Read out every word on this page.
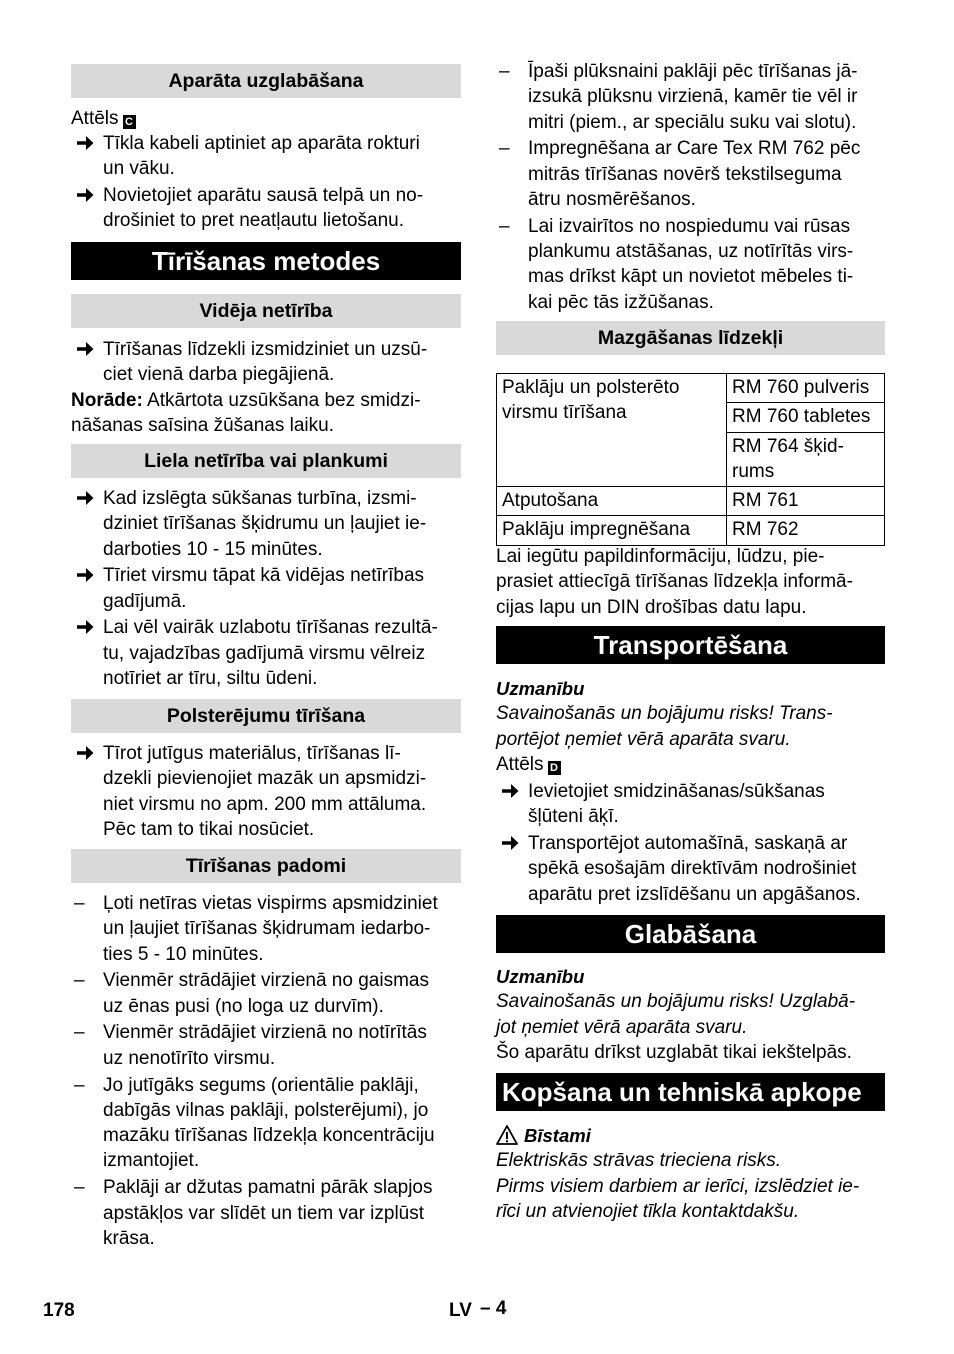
Aparāta uzglabāšana
Attēls C
Tīkla kabeli aptiniet ap aparāta rokturi
un vāku.
Novietojiet aparātu sausā telpā un no-
drošiniet to pret neatļautu lietošanu.
Tīrīšanas metodes
Vidēja netīrība
Tīrīšanas līdzekli izsmidziniet un uzsū-
ciet vienā darba piegājienā.
Norāde: Atkārtota uzsūkšana bez smidzi-
nāšanas saīsina žūšanas laiku.
Liela netīrība vai plankumi
Kad izslēgta sūkšanas turbīna, izsmi-
dziniet tīrīšanas šķidrumu un ļaujiet ie-
darboties 10 - 15 minūtes.
Tīriet virsmu tāpat kā vidējas netīrības
gadījumā.
Lai vēl vairāk uzlabotu tīrīšanas rezultā-
tu, vajadzības gadījumā virsmu vēlreiz
notīriet ar tīru, siltu ūdeni.
Polsterējumu tīrīšana
Tīrot jutīgus materiālus, tīrīšanas lī-
dzekli pievienojiet mazāk un apsmidzi-
niet virsmu no apm. 200 mm attāluma.
Pēc tam to tikai nosūciet.
Tīrīšanas padomi
– Ļoti netīras vietas vispirms apsmidziniet
un ļaujiet tīrīšanas šķidrumam iedarbo-
ties 5 - 10 minūtes.
– Vienmēr strādājiet virzienā no gaismas
uz ēnas pusi (no loga uz durvīm).
– Vienmēr strādājiet virzienā no notīrītās
uz nenotīrīto virsmu.
– Jo jutīgāks segums (orientālie paklāji,
dabīgās vilnas paklāji, polsterējumi), jo
mazāku tīrīšanas līdzekļa koncentrāciju
izmantojiet.
– Paklāji ar džutas pamatni pārāk slapjos
apstākļos var slīdēt un tiem var izplūst
krāsa.
– Īpaši plūksnaini paklāji pēc tīrīšanas jā-
izsukā plūksnu virzienā, kamēr tie vēl ir
mitri (piem., ar speciālu suku vai slotu).
– Impregnēšana ar Care Tex RM 762 pēc
mitrās tīrīšanas novērš tekstilseguma
ātru nosmērēšanos.
– Lai izvairītos no nospiedumu vai rūsas
plankumu atstāšanas, uz notīrītās virs-
mas drīkst kāpt un novietot mēbeles ti-
kai pēc tās izžūšanas.
Mazgāšanas līdzekļi
Paklāju un polsterēto
virsmu tīrīšana	RM 760 pulveris

	RM 760 tabletes

	RM 764 šķid-
rums

Atputošana	RM 761

Paklāju impregnēšana	RM 762
Lai iegūtu papildinformāciju, lūdzu, pie-
prasiet attiecīgā tīrīšanas līdzekļa informā-
cijas lapu un DIN drošības datu lapu.
Transportēšana
Uzmanību
Savainošanās un bojājumu risks! Trans-
portējot ņemiet vērā aparāta svaru.
Attēls D
Ievietojiet smidzināšanas/sūkšanas
šļūteni āķī.
Transportējot automašīnā, saskaņā ar
spēkā esošajām direktīvām nodrošiniet
aparātu pret izslīdēšanu un apgāšanos.
Glabāšana
Uzmanību
Savainošanās un bojājumu risks! Uzglabā-
jot ņemiet vērā aparāta svaru.
Šo aparātu drīkst uzglabāt tikai iekštelpās.
Kopšana un tehniskā apkope
Bīstami
Elektriskās strāvas trieciena risks.
Pirms visiem darbiem ar ierīci, izslēdziet ie-
rīci un atvienojiet tīkla kontaktdakšu.
178	LV – 4
